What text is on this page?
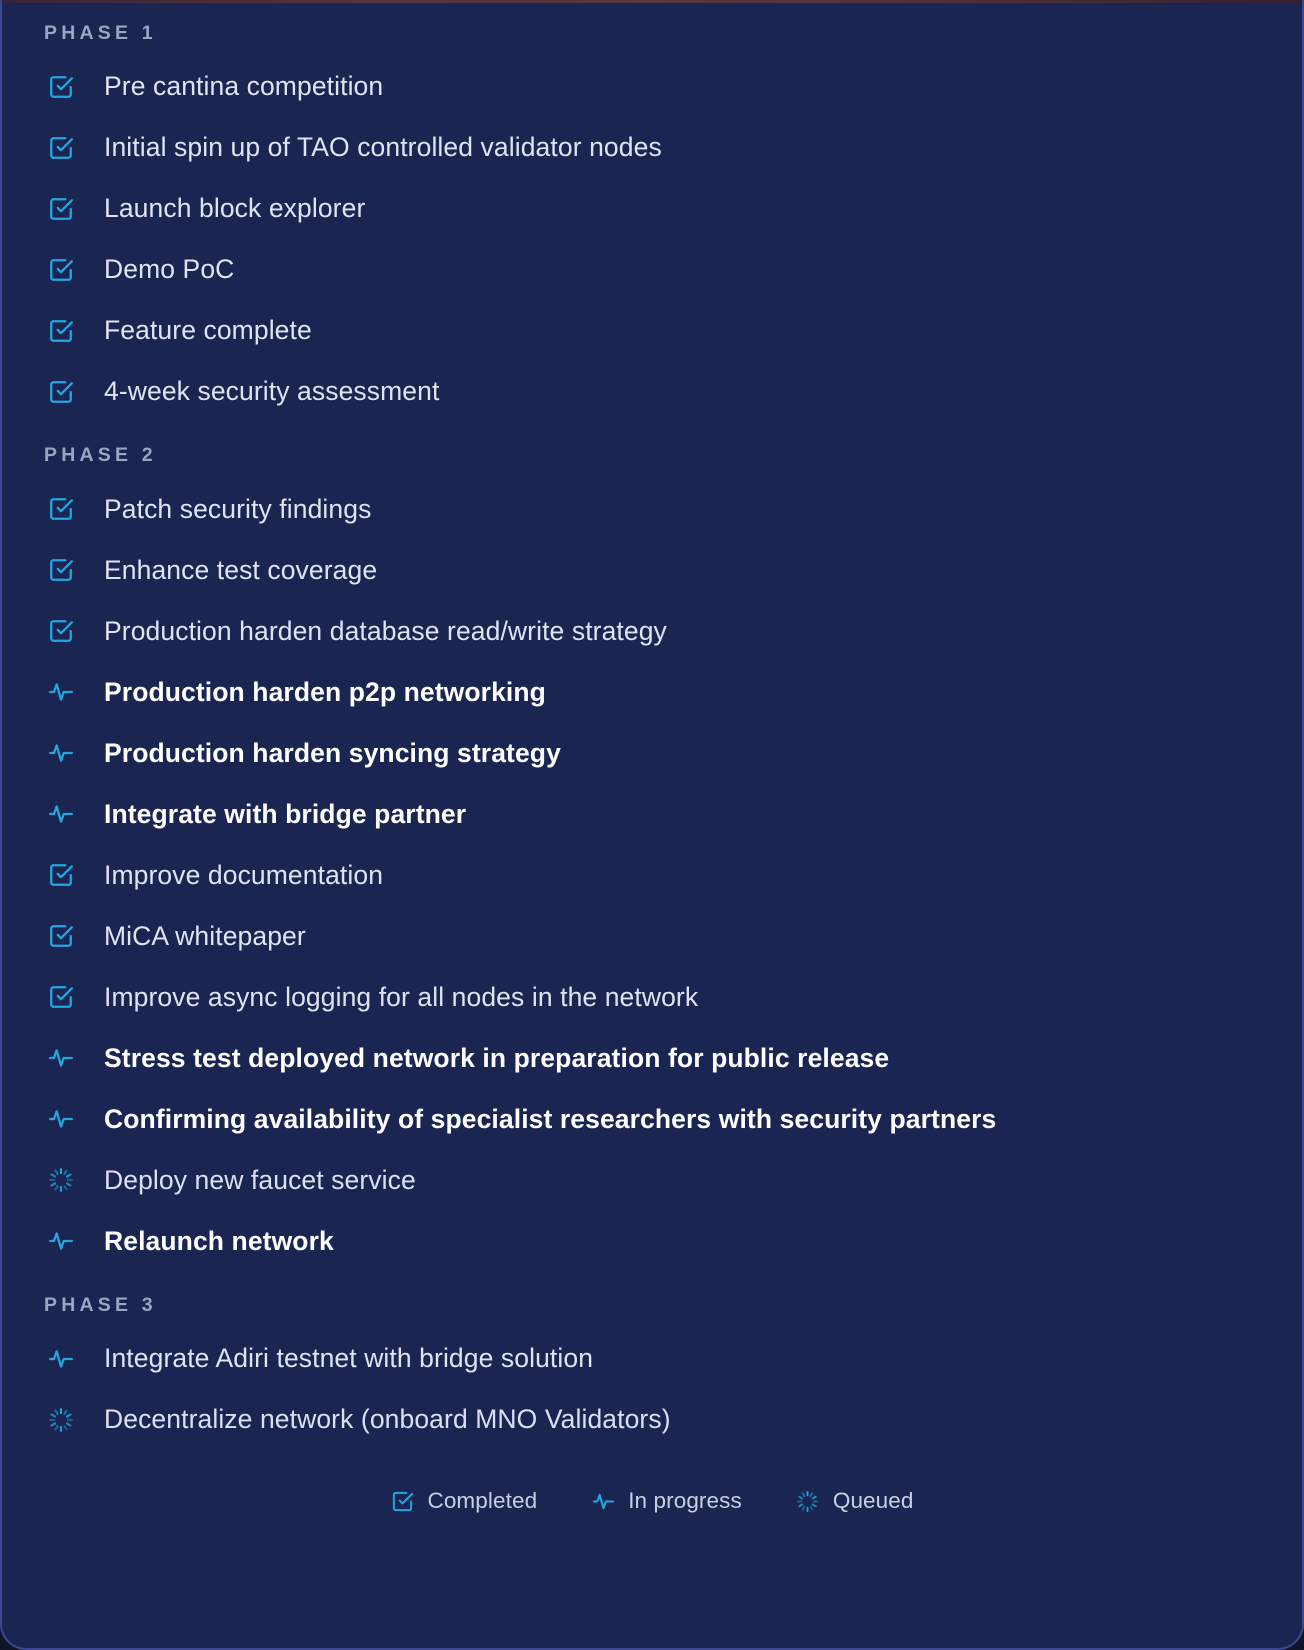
PHASE 1
Pre cantina competition
Initial spin up of TAO controlled validator nodes
Launch block explorer
Demo PoC
Feature complete
4-week security assessment
PHASE 2
Patch security findings
Enhance test coverage
Production harden database read/write strategy
Production harden p2p networking
Production harden syncing strategy
Integrate with bridge partner
Improve documentation
MiCA whitepaper
Improve async logging for all nodes in the network
Stress test deployed network in preparation for public release
Confirming availability of specialist researchers with security partners
Deploy new faucet service
Relaunch network
PHASE 3
Integrate Adiri testnet with bridge solution
Decentralize network (onboard MNO Validators)
Completed	In progress	Queued
